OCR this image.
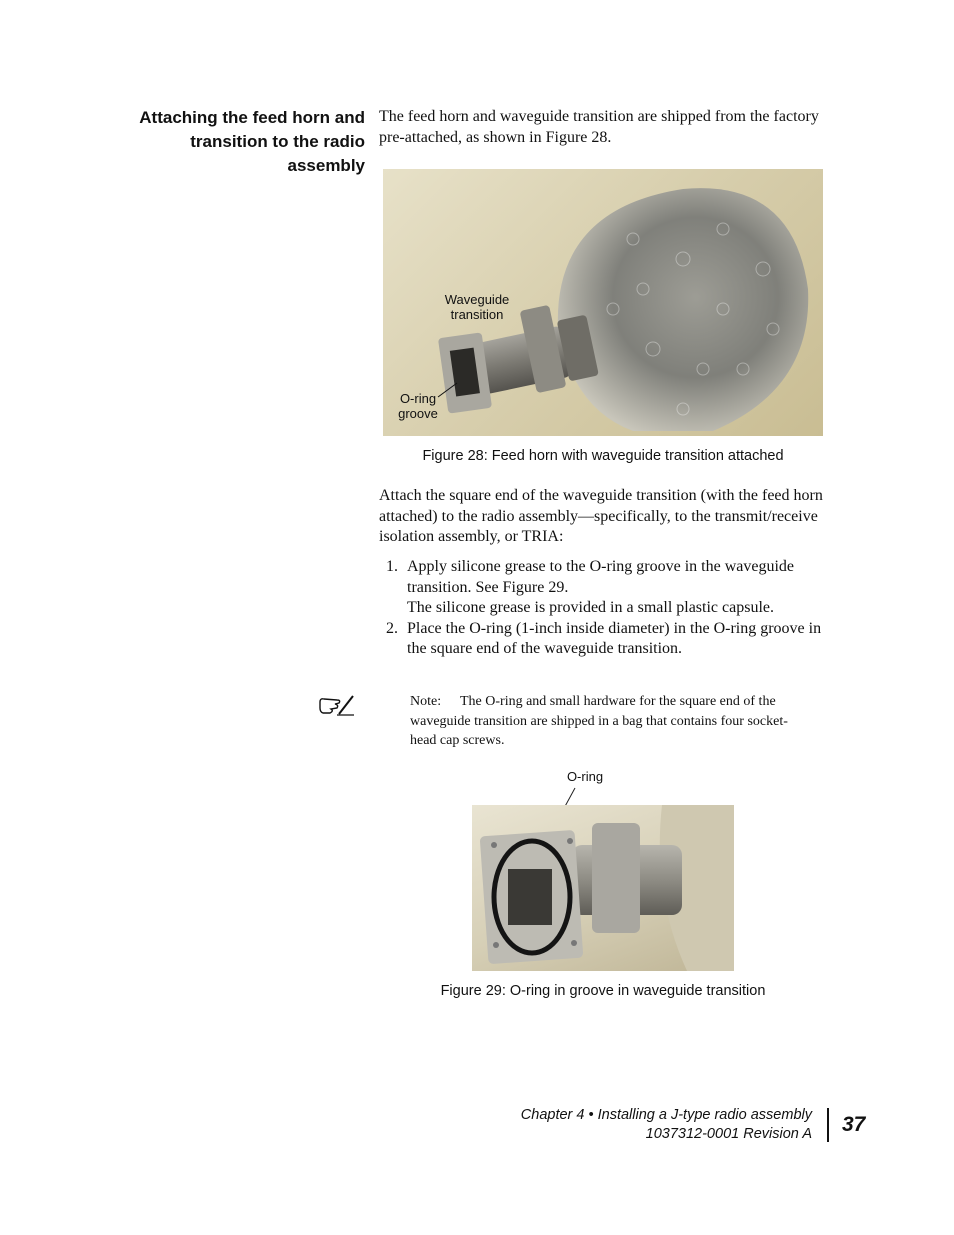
Attaching the feed horn and
transition to the radio
assembly

The feed horn and waveguide transition are shipped from the factory pre-attached, as shown in Figure 28.

Waveguide transition
O-ring groove
Figure 28: Feed horn with waveguide transition attached

Attach the square end of the waveguide transition (with the feed horn attached) to the radio assembly—specifically, to the transmit/receive isolation assembly, or TRIA:

1. Apply silicone grease to the O-ring groove in the waveguide transition. See Figure 29.
The silicone grease is provided in a small plastic capsule.
2. Place the O-ring (1-inch inside diameter) in the O-ring groove in the square end of the waveguide transition.
Note: The O-ring and small hardware for the square end of the waveguide transition are shipped in a bag that contains four socket-head cap screws.
O-ring
Figure 29: O-ring in groove in waveguide transition
Chapter 4 • Installing a J-type radio assembly
1037312-0001 Revision A 37
